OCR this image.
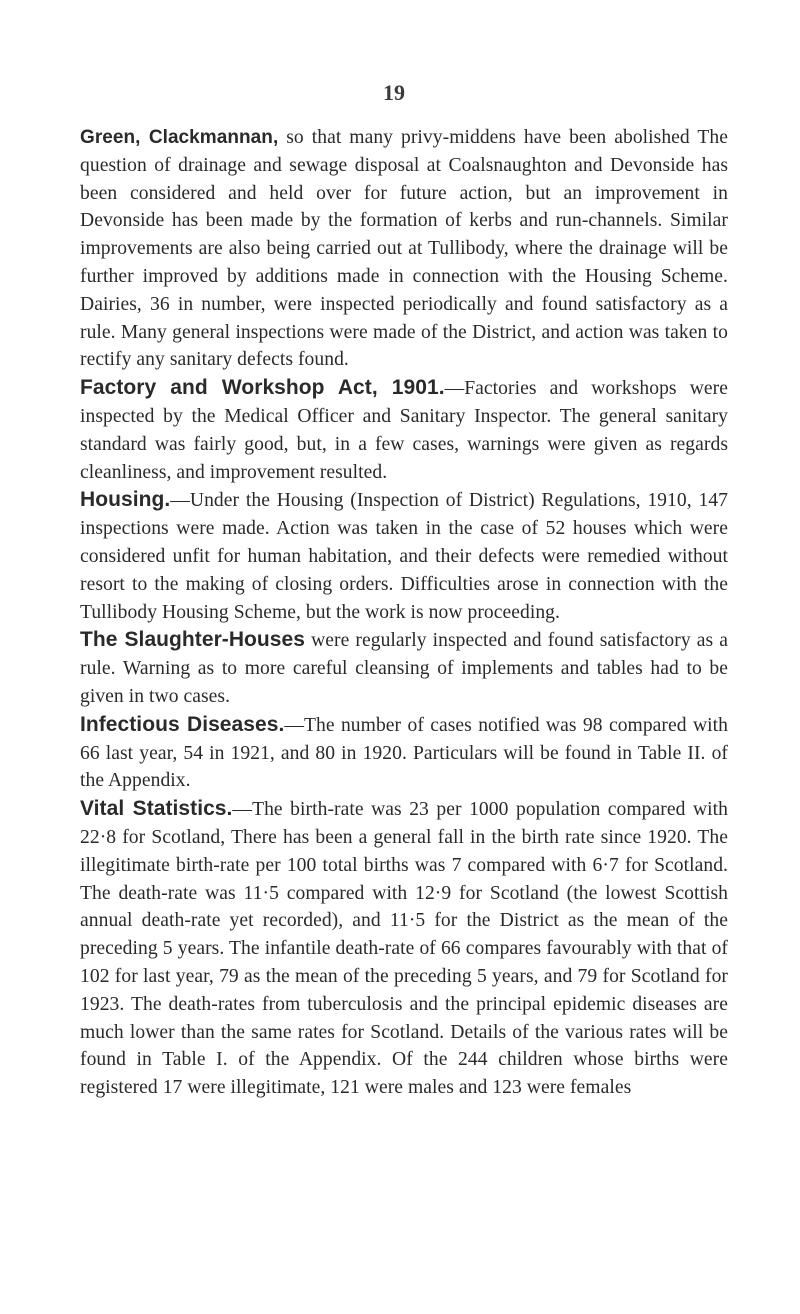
19

Green, Clackmannan, so that many privy-middens have been abolished The question of drainage and sewage disposal at Coalsnaughton and Devonside has been considered and held over for future action, but an improvement in Devonside has been made by the formation of kerbs and run-channels. Similar improvements are also being carried out at Tullibody, where the drainage will be further improved by additions made in connection with the Housing Scheme. Dairies, 36 in number, were inspected periodically and found satisfactory as a rule. Many general inspections were made of the District, and action was taken to rectify any sanitary defects found.

Factory and Workshop Act, 1901.—Factories and workshops were inspected by the Medical Officer and Sanitary Inspector. The general sanitary standard was fairly good, but, in a few cases, warnings were given as regards cleanliness, and improvement resulted.

Housing.—Under the Housing (Inspection of District) Regulations, 1910, 147 inspections were made. Action was taken in the case of 52 houses which were considered unfit for human habitation, and their defects were remedied without resort to the making of closing orders. Difficulties arose in connection with the Tullibody Housing Scheme, but the work is now proceeding.

The Slaughter-Houses were regularly inspected and found satisfactory as a rule. Warning as to more careful cleansing of implements and tables had to be given in two cases.

Infectious Diseases.—The number of cases notified was 98 compared with 66 last year, 54 in 1921, and 80 in 1920. Particulars will be found in Table II. of the Appendix.

Vital Statistics.—The birth-rate was 23 per 1000 population compared with 22·8 for Scotland, There has been a general fall in the birth rate since 1920. The illegitimate birth-rate per 100 total births was 7 compared with 6·7 for Scotland. The death-rate was 11·5 compared with 12·9 for Scotland (the lowest Scottish annual death-rate yet recorded), and 11·5 for the District as the mean of the preceding 5 years. The infantile death-rate of 66 compares favourably with that of 102 for last year, 79 as the mean of the preceding 5 years, and 79 for Scotland for 1923. The death-rates from tuberculosis and the principal epidemic diseases are much lower than the same rates for Scotland. Details of the various rates will be found in Table I. of the Appendix. Of the 244 children whose births were registered 17 were illegitimate, 121 were males and 123 were females
